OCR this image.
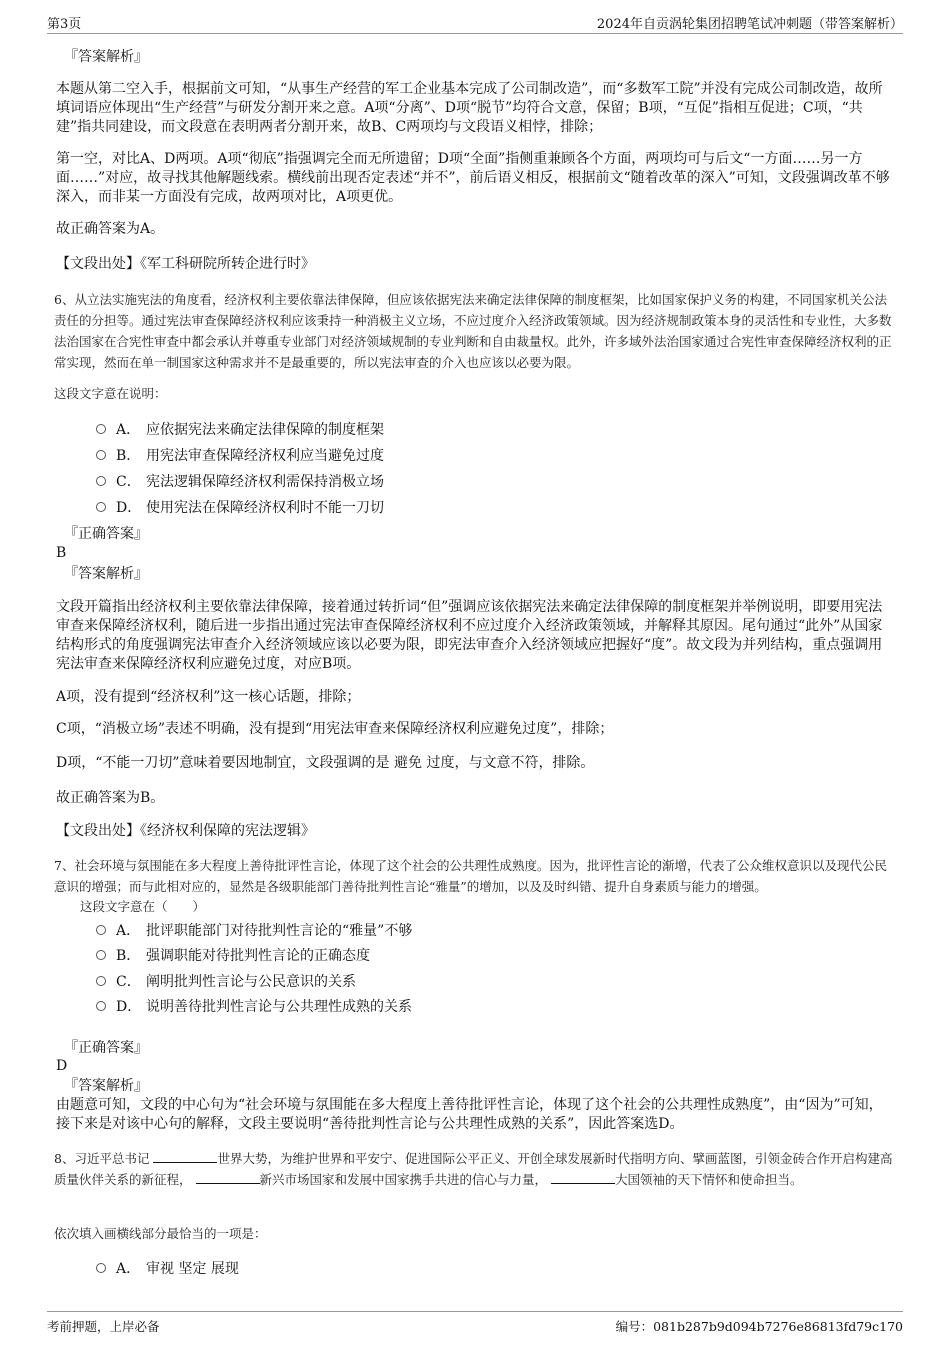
第3页	2024年自贡涡轮集团招聘笔试冲刺题（带答案解析）

『答案解析』

本题从第二空入手，根据前文可知，“从事生产经营的军工企业基本完成了公司制改造”，而“多数军工院”并没有完成公司制改造，故所填词语应体现出“生产经营”与研发分割开来之意。A项“分离”、D项“脱节”均符合文意，保留；B项，“互促”指相互促进；C项，“共建”指共同建设，而文段意在表明两者分割开来，故B、C两项均与文段语义相悖，排除；

第一空，对比A、D两项。A项“彻底”指强调完全而无所遗留；D项“全面”指侧重兼顾各个方面，两项均可与后文“一方面……另一方面……”对应，故寻找其他解题线索。横线前出现否定表述“并不”，前后语义相反，根据前文“随着改革的深入”可知，文段强调改革不够深入，而非某一方面没有完成，故两项对比，A项更优。

故正确答案为A。

【文段出处】《军工科研院所转企进行时》

6、从立法实施宪法的角度看，经济权利主要依靠法律保障，但应该依据宪法来确定法律保障的制度框架，比如国家保护义务的构建，不同国家机关公法责任的分担等。通过宪法审查保障经济权利应该秉持一种消极主义立场，不应过度介入经济政策领域。因为经济规制政策本身的灵活性和专业性，大多数法治国家在合宪性审查中都会承认并尊重专业部门对经济领域规制的专业判断和自由裁量权。此外，许多域外法治国家通过合宪性审查保障经济权利的正常实现，然而在单一制国家这种需求并不是最重要的，所以宪法审查的介入也应该以必要为限。

这段文字意在说明：

A． 应依据宪法来确定法律保障的制度框架
B． 用宪法审查保障经济权利应当避免过度
C． 宪法逻辑保障经济权利需保持消极立场
D． 使用宪法在保障经济权利时不能一刀切

『正确答案』

B

『答案解析』

文段开篇指出经济权利主要依靠法律保障，接着通过转折词“但”强调应该依据宪法来确定法律保障的制度框架并举例说明，即要用宪法审查来保障经济权利，随后进一步指出通过宪法审查保障经济权利不应过度介入经济政策领域，并解释其原因。尾句通过“此外”从国家结构形式的角度强调宪法审查介入经济领域应该以必要为限，即宪法审查介入经济领域应把握好“度”。故文段为并列结构，重点强调用宪法审查来保障经济权利应避免过度，对应B项。

A项，没有提到“经济权利”这一核心话题，排除；

C项，“消极立场”表述不明确，没有提到“用宪法审查来保障经济权利应避免过度”，排除；

D项，“不能一刀切”意味着要因地制宜，文段强调的是 避免 过度，与文意不符，排除。

故正确答案为B。

【文段出处】《经济权利保障的宪法逻辑》

7、社会环境与氛围能在多大程度上善待批评性言论，体现了这个社会的公共理性成熟度。因为，批评性言论的渐增，代表了公众维权意识以及现代公民意识的增强；而与此相对应的，显然是各级职能部门善待批判性言论“雅量”的增加，以及及时纠错、提升自身素质与能力的增强。

这段文字意在（　　）

A． 批评职能部门对待批判性言论的“雅量”不够
B． 强调职能对待批判性言论的正确态度
C． 阐明批判性言论与公民意识的关系
D． 说明善待批判性言论与公共理性成熟的关系

『正确答案』

D

『答案解析』

由题意可知，文段的中心句为“社会环境与氛围能在多大程度上善待批评性言论，体现了这个社会的公共理性成熟度”，由“因为”可知，接下来是对该中心句的解释，文段主要说明“善待批判性言论与公共理性成熟的关系”，因此答案选D。

8、习近平总书记	世界大势，为维护世界和平安宁、促进国际公平正义、开创全球发展新时代指明方向、擘画蓝图，引领金砖合作开启构建高质量伙伴关系的新征程，	新兴市场国家和发展中国家携手共进的信心与力量，	大国领袖的天下情怀和使命担当。

依次填入画横线部分最恰当的一项是：

A． 审视 坚定 展现
考前押题，上岸必备	编号：081b287b9d094b7276e86813fd79c170
